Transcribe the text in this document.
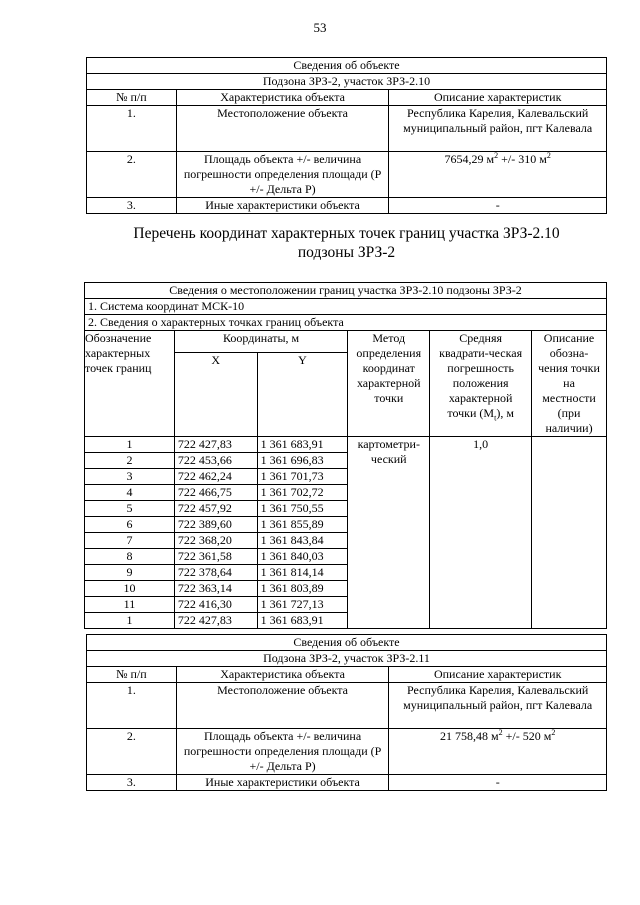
53
Сведения об объекте		
Подзона ЗРЗ-2, участок ЗРЗ-2.10		
№ п/п	Характеристика объекта	Описание характеристик
1.	Местоположение объекта	Республика Карелия, Калевальский муниципальный район, пгт Калевала
2.	Площадь объекта +/- величина погрешности определения площади (Р +/- Дельта Р)	7654,29 $м^2$ +/- 310 $м^2$
3.	Иные характеристики объекта	-
Перечень координат характерных точек границ участка ЗРЗ-2.10
подзоны ЗРЗ-2
Сведения о местоположении границ участка ЗРЗ-2.10 подзоны ЗРЗ-2					
1. Система координат МСК-10					
2. Сведения о характерных точках границ объекта					
Обозначение характерных точек границ	Координаты, м		Метод определения координат характерной точки	Средняя квадрати-ческая погрешность положения характерной точки $(M_t)$, м	Описание обозна-чения точки на местности (при наличии)
	X	Y			
1	722 427,83	1 361 683,91	картометри-ческий	1,0	
2	722 453,66	1 361 696,83			
3	722 462,24	1 361 701,73			
4	722 466,75	1 361 702,72			
5	722 457,92	1 361 750,55			
6	722 389,60	1 361 855,89			
7	722 368,20	1 361 843,84			
8	722 361,58	1 361 840,03			
9	722 378,64	1 361 814,14			
10	722 363,14	1 361 803,89			
11	722 416,30	1 361 727,13			
1	722 427,83	1 361 683,91			
Сведения об объекте		
Подзона ЗРЗ-2, участок ЗРЗ-2.11		
№ п/п	Характеристика объекта	Описание характеристик
1.	Местоположение объекта	Республика Карелия, Калевальский муниципальный район, пгт Калевала
2.	Площадь объекта +/- величина погрешности определения площади (Р +/- Дельта Р)	21 758,48 $м^2$ +/- 520 $м^2$
3.	Иные характеристики объекта	-
